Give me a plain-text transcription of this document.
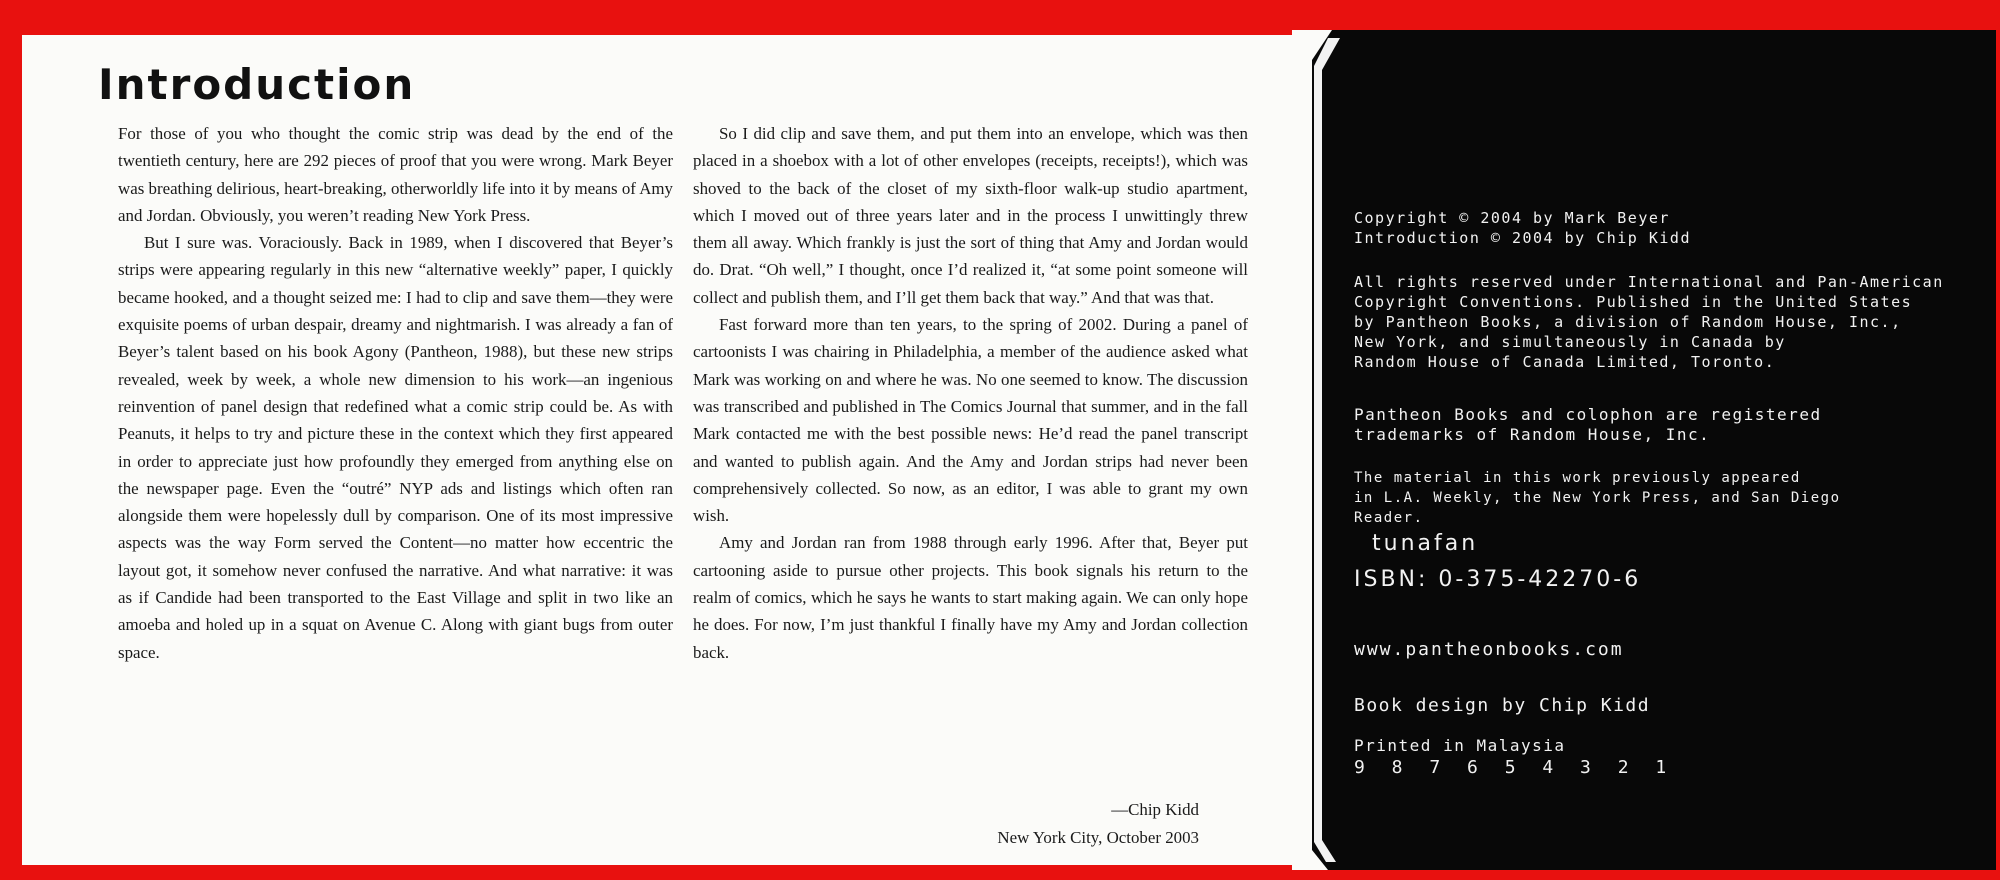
Introduction

For those of you who thought the comic strip was dead by the end of the twentieth century, here are 292 pieces of proof that you were wrong. Mark Beyer was breathing delirious, heart-breaking, otherworldly life into it by means of Amy and Jordan. Obviously, you weren’t reading New York Press.

But I sure was. Voraciously. Back in 1989, when I discovered that Beyer’s strips were appearing regularly in this new “alternative weekly” paper, I quickly became hooked, and a thought seized me: I had to clip and save them—they were exquisite poems of urban despair, dreamy and nightmarish. I was already a fan of Beyer’s talent based on his book Agony (Pantheon, 1988), but these new strips revealed, week by week, a whole new dimension to his work—an ingenious reinvention of panel design that redefined what a comic strip could be. As with Peanuts, it helps to try and picture these in the context which they first appeared in order to appreciate just how profoundly they emerged from anything else on the newspaper page. Even the “outré” NYP ads and listings which often ran alongside them were hopelessly dull by comparison. One of its most impressive aspects was the way Form served the Content—no matter how eccentric the layout got, it somehow never confused the narrative. And what narrative: it was as if Candide had been transported to the East Village and split in two like an amoeba and holed up in a squat on Avenue C. Along with giant bugs from outer space.

So I did clip and save them, and put them into an envelope, which was then placed in a shoebox with a lot of other envelopes (receipts, receipts!), which was shoved to the back of the closet of my sixth-floor walk-up studio apartment, which I moved out of three years later and in the process I unwittingly threw them all away. Which frankly is just the sort of thing that Amy and Jordan would do. Drat. “Oh well,” I thought, once I’d realized it, “at some point someone will collect and publish them, and I’ll get them back that way.” And that was that.

Fast forward more than ten years, to the spring of 2002. During a panel of cartoonists I was chairing in Philadelphia, a member of the audience asked what Mark was working on and where he was. No one seemed to know. The discussion was transcribed and published in The Comics Journal that summer, and in the fall Mark contacted me with the best possible news: He’d read the panel transcript and wanted to publish again. And the Amy and Jordan strips had never been comprehensively collected. So now, as an editor, I was able to grant my own wish.

Amy and Jordan ran from 1988 through early 1996. After that, Beyer put cartooning aside to pursue other projects. This book signals his return to the realm of comics, which he says he wants to start making again. We can only hope he does. For now, I’m just thankful I finally have my Amy and Jordan collection back.

—Chip Kidd
New York City, October 2003
Copyright © 2004 by Mark Beyer
Introduction © 2004 by Chip Kidd
All rights reserved under International and Pan-American
Copyright Conventions. Published in the United States
by Pantheon Books, a division of Random House, Inc.,
New York, and simultaneously in Canada by
Random House of Canada Limited, Toronto.
Pantheon Books and colophon are registered
trademarks of Random House, Inc.
The material in this work previously appeared
in L.A. Weekly, the New York Press, and San Diego
Reader.
tunafan
ISBN: 0-375-42270-6
www.pantheonbooks.com
Book design by Chip Kidd
Printed in Malaysia
9 8 7 6 5 4 3 2 1
